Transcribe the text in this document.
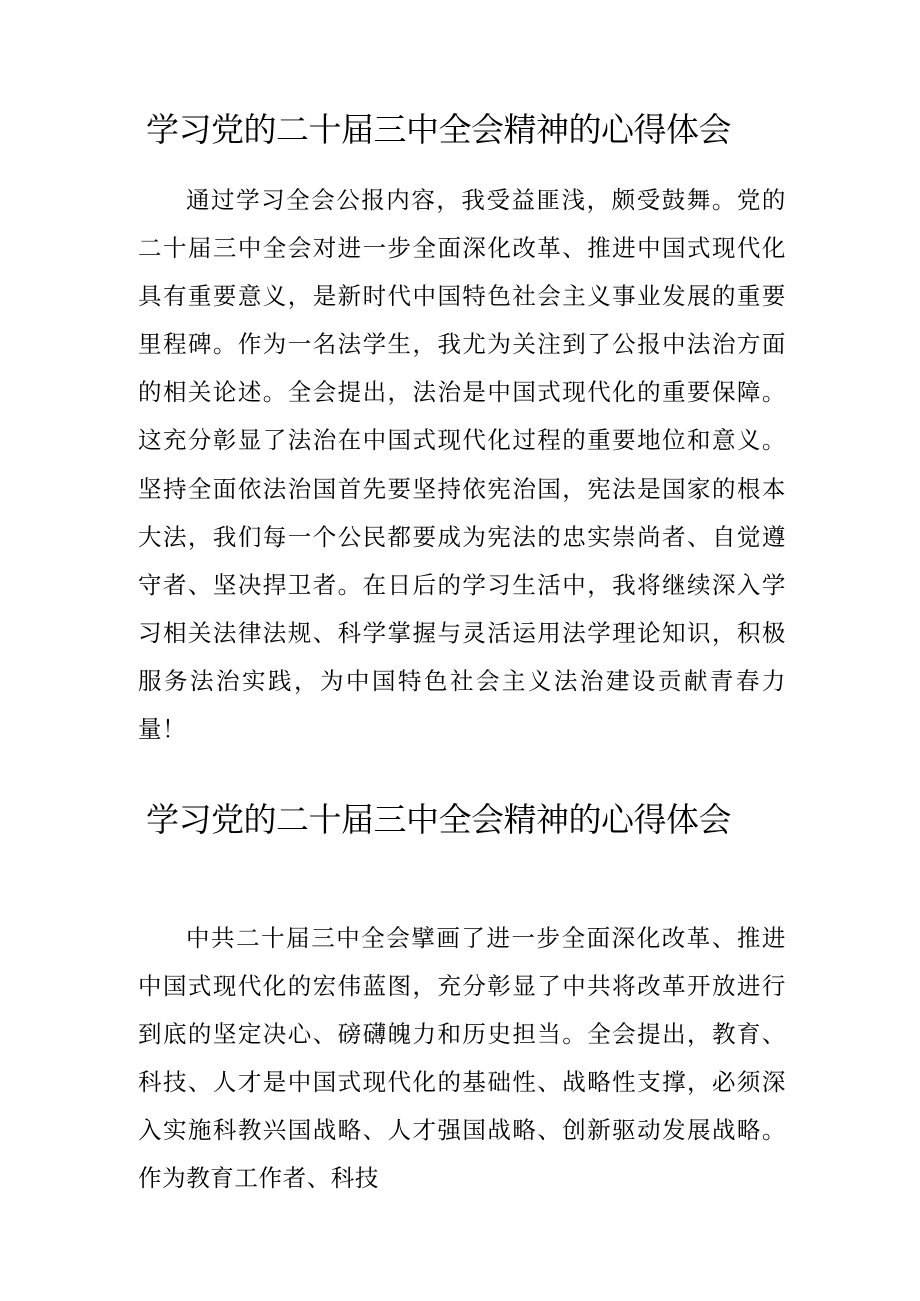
学习党的二十届三中全会精神的心得体会

通过学习全会公报内容，我受益匪浅，颇受鼓舞。党的二十届三中全会对进一步全面深化改革、推进中国式现代化具有重要意义，是新时代中国特色社会主义事业发展的重要里程碑。作为一名法学生，我尤为关注到了公报中法治方面的相关论述。全会提出，法治是中国式现代化的重要保障。这充分彰显了法治在中国式现代化过程的重要地位和意义。坚持全面依法治国首先要坚持依宪治国，宪法是国家的根本大法，我们每一个公民都要成为宪法的忠实崇尚者、自觉遵守者、坚决捍卫者。在日后的学习生活中，我将继续深入学习相关法律法规、科学掌握与灵活运用法学理论知识，积极服务法治实践，为中国特色社会主义法治建设贡献青春力量！

学习党的二十届三中全会精神的心得体会

中共二十届三中全会擘画了进一步全面深化改革、推进中国式现代化的宏伟蓝图，充分彰显了中共将改革开放进行到底的坚定决心、磅礴魄力和历史担当。全会提出，教育、科技、人才是中国式现代化的基础性、战略性支撑，必须深入实施科教兴国战略、人才强国战略、创新驱动发展战略。作为教育工作者、科技
